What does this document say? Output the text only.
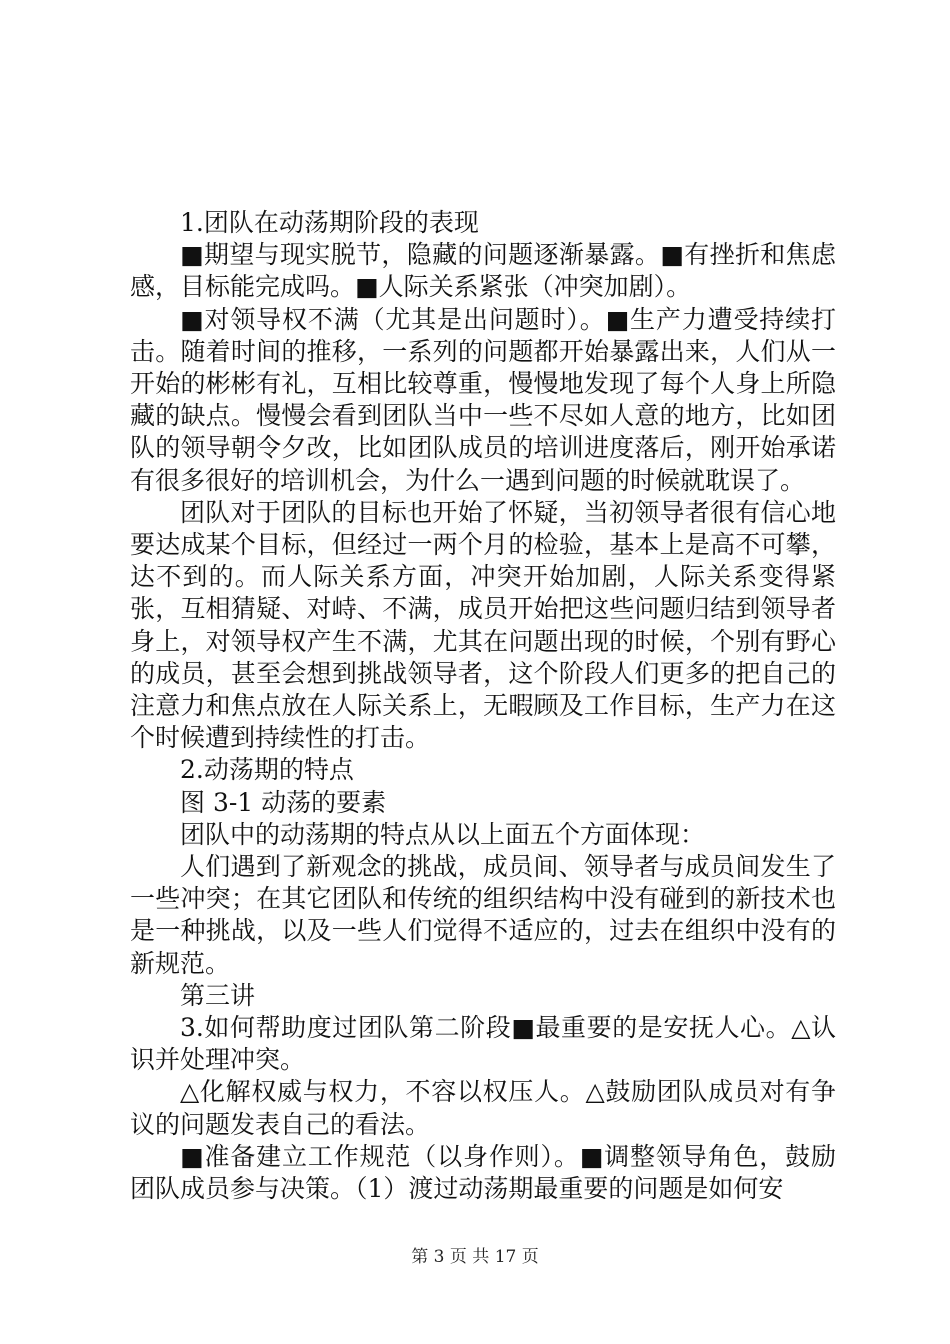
1.团队在动荡期阶段的表现

■期望与现实脱节，隐藏的问题逐渐暴露。■有挫折和焦虑感，目标能完成吗。■人际关系紧张（冲突加剧）。

■对领导权不满（尤其是出问题时）。■生产力遭受持续打击。随着时间的推移，一系列的问题都开始暴露出来，人们从一开始的彬彬有礼，互相比较尊重，慢慢地发现了每个人身上所隐藏的缺点。慢慢会看到团队当中一些不尽如人意的地方，比如团队的领导朝令夕改，比如团队成员的培训进度落后，刚开始承诺有很多很好的培训机会，为什么一遇到问题的时候就耽误了。

团队对于团队的目标也开始了怀疑，当初领导者很有信心地要达成某个目标，但经过一两个月的检验，基本上是高不可攀，达不到的。而人际关系方面，冲突开始加剧，人际关系变得紧张，互相猜疑、对峙、不满，成员开始把这些问题归结到领导者身上，对领导权产生不满，尤其在问题出现的时候，个别有野心的成员，甚至会想到挑战领导者，这个阶段人们更多的把自己的注意力和焦点放在人际关系上，无暇顾及工作目标，生产力在这个时候遭到持续性的打击。

2.动荡期的特点

图 3-1 动荡的要素

团队中的动荡期的特点从以上面五个方面体现：

人们遇到了新观念的挑战，成员间、领导者与成员间发生了一些冲突；在其它团队和传统的组织结构中没有碰到的新技术也是一种挑战，以及一些人们觉得不适应的，过去在组织中没有的新规范。

第三讲

3.如何帮助度过团队第二阶段■最重要的是安抚人心。△认识并处理冲突。

△化解权威与权力，不容以权压人。△鼓励团队成员对有争议的问题发表自己的看法。

■准备建立工作规范（以身作则）。■调整领导角色，鼓励团队成员参与决策。（1）渡过动荡期最重要的问题是如何安

第 3 页 共 17 页
